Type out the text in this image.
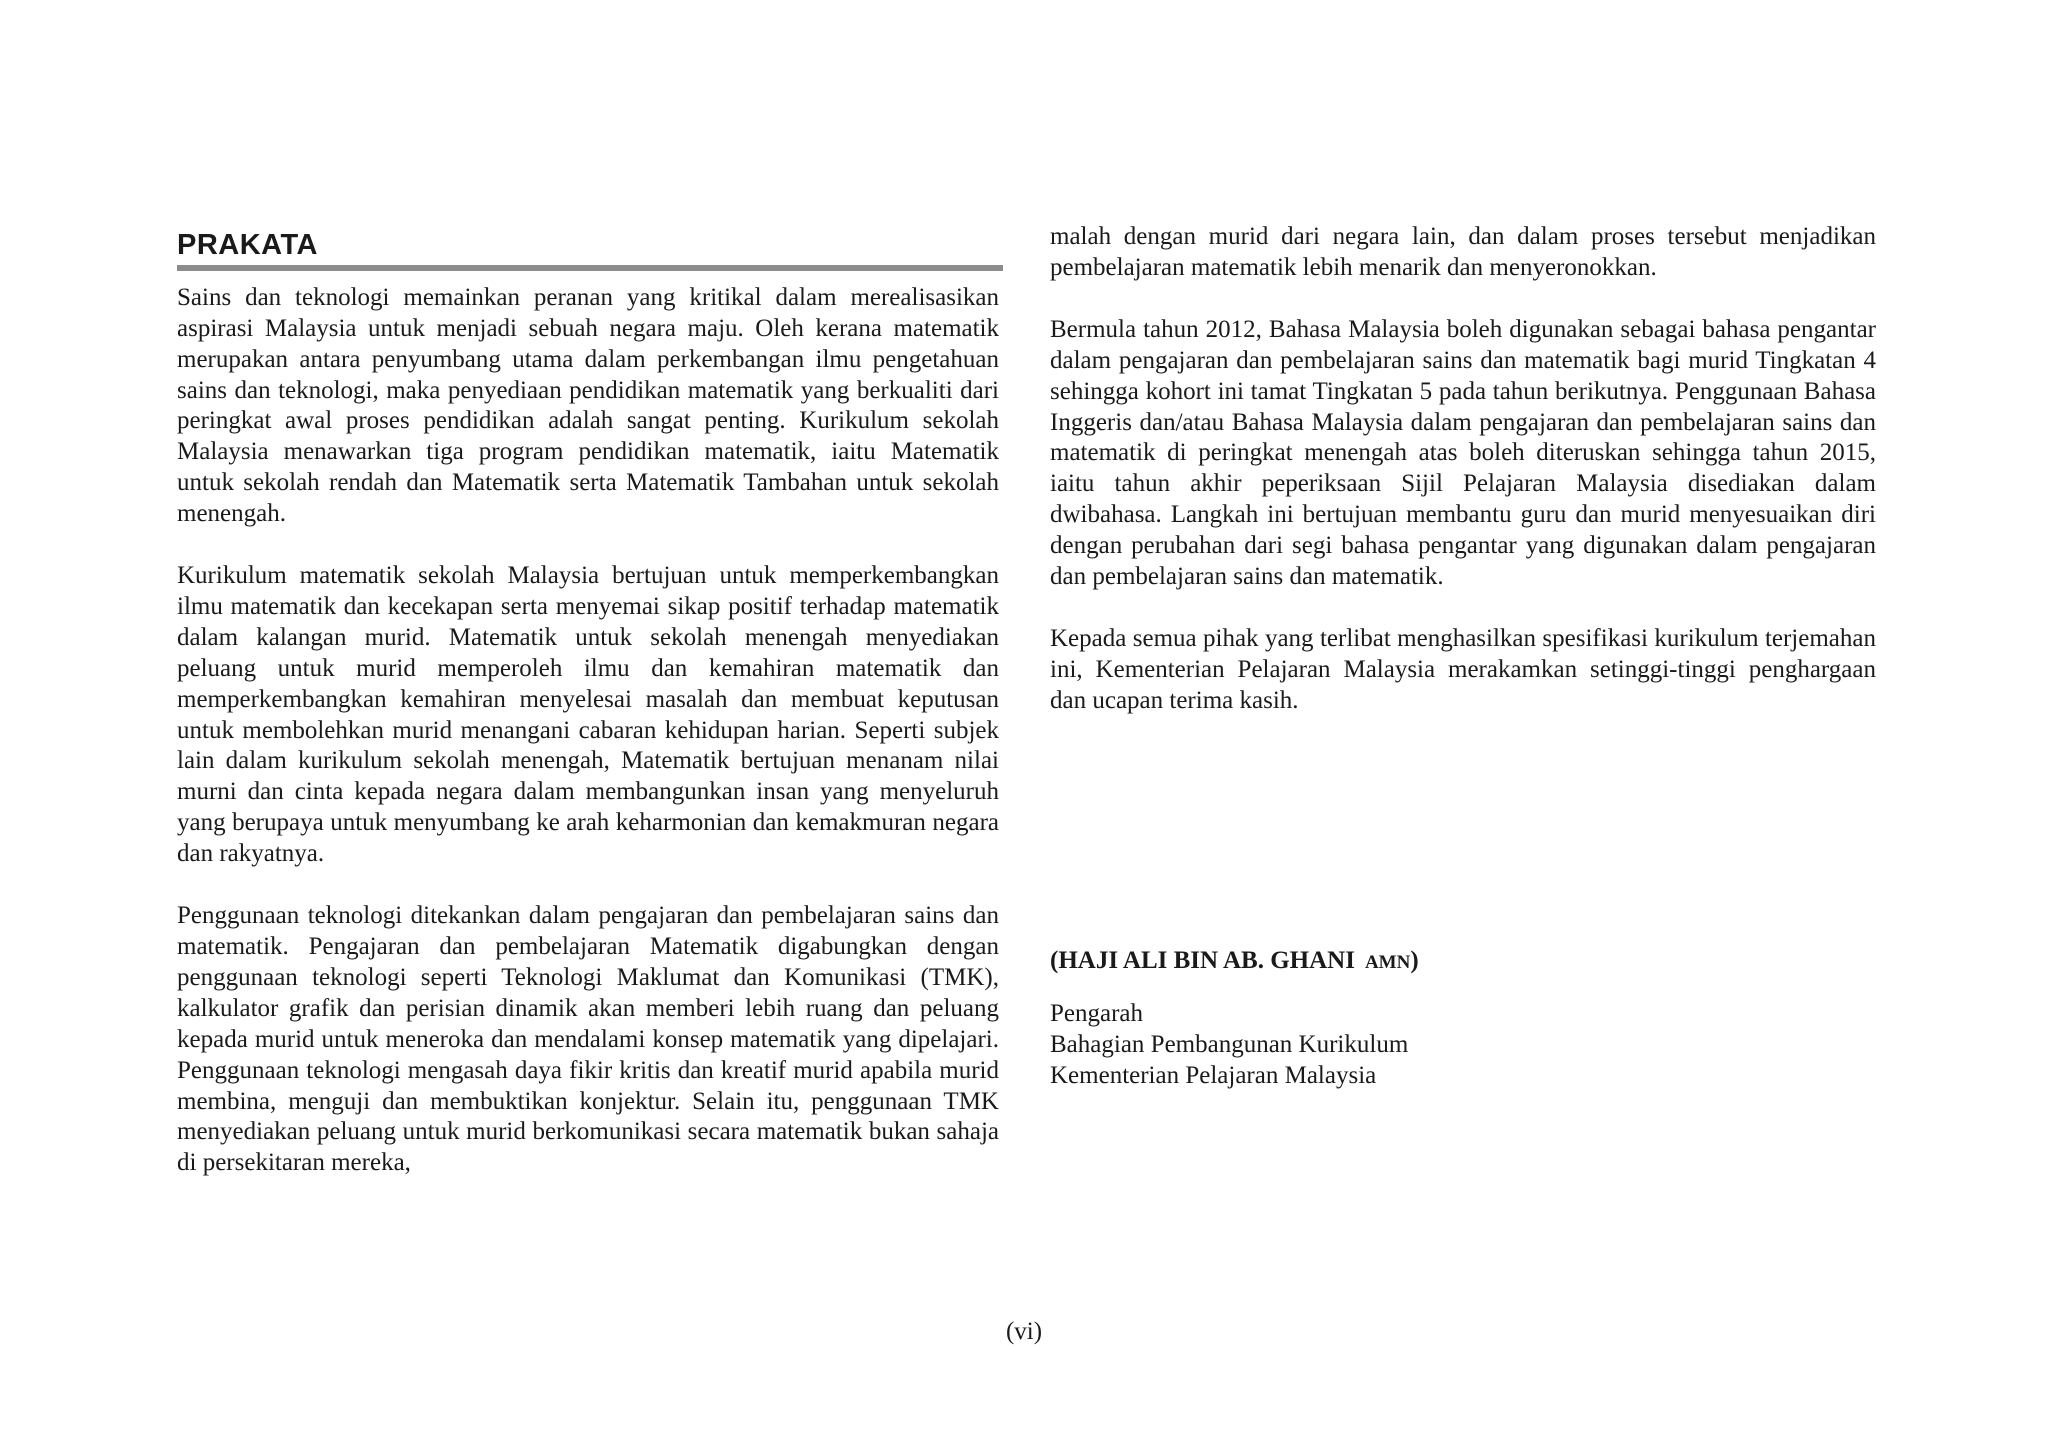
PRAKATA

Sains dan teknologi memainkan peranan yang kritikal dalam merealisasikan aspirasi Malaysia untuk menjadi sebuah negara maju. Oleh kerana matematik merupakan antara penyumbang utama dalam perkembangan ilmu pengetahuan sains dan teknologi, maka penyediaan pendidikan matematik yang berkualiti dari peringkat awal proses pendidikan adalah sangat penting. Kurikulum sekolah Malaysia menawarkan tiga program pendidikan matematik, iaitu Matematik untuk sekolah rendah dan Matematik serta Matematik Tambahan untuk sekolah menengah.

Kurikulum matematik sekolah Malaysia bertujuan untuk memperkembangkan ilmu matematik dan kecekapan serta menyemai sikap positif terhadap matematik dalam kalangan murid. Matematik untuk sekolah menengah menyediakan peluang untuk murid memperoleh ilmu dan kemahiran matematik dan memperkembangkan kemahiran menyelesai masalah dan membuat keputusan untuk membolehkan murid menangani cabaran kehidupan harian. Seperti subjek lain dalam kurikulum sekolah menengah, Matematik bertujuan menanam nilai murni dan cinta kepada negara dalam membangunkan insan yang menyeluruh yang berupaya untuk menyumbang ke arah keharmonian dan kemakmuran negara dan rakyatnya.

Penggunaan teknologi ditekankan dalam pengajaran dan pembelajaran sains dan matematik. Pengajaran dan pembelajaran Matematik digabungkan dengan penggunaan teknologi seperti Teknologi Maklumat dan Komunikasi (TMK), kalkulator grafik dan perisian dinamik akan memberi lebih ruang dan peluang kepada murid untuk meneroka dan mendalami konsep matematik yang dipelajari. Penggunaan teknologi mengasah daya fikir kritis dan kreatif murid apabila murid membina, menguji dan membuktikan konjektur. Selain itu, penggunaan TMK menyediakan peluang untuk murid berkomunikasi secara matematik bukan sahaja di persekitaran mereka,

malah dengan murid dari negara lain, dan dalam proses tersebut menjadikan pembelajaran matematik lebih menarik dan menyeronokkan.

Bermula tahun 2012, Bahasa Malaysia boleh digunakan sebagai bahasa pengantar dalam pengajaran dan pembelajaran sains dan matematik bagi murid Tingkatan 4 sehingga kohort ini tamat Tingkatan 5 pada tahun berikutnya. Penggunaan Bahasa Inggeris dan/atau Bahasa Malaysia dalam pengajaran dan pembelajaran sains dan matematik di peringkat menengah atas boleh diteruskan sehingga tahun 2015, iaitu tahun akhir peperiksaan Sijil Pelajaran Malaysia disediakan dalam dwibahasa. Langkah ini bertujuan membantu guru dan murid menyesuaikan diri dengan perubahan dari segi bahasa pengantar yang digunakan dalam pengajaran dan pembelajaran sains dan matematik.

Kepada semua pihak yang terlibat menghasilkan spesifikasi kurikulum terjemahan ini, Kementerian Pelajaran Malaysia merakamkan setinggi-tinggi penghargaan dan ucapan terima kasih.

(HAJI ALI BIN AB. GHANI AMN)

Pengarah

Bahagian Pembangunan Kurikulum

Kementerian Pelajaran Malaysia

(vi)
